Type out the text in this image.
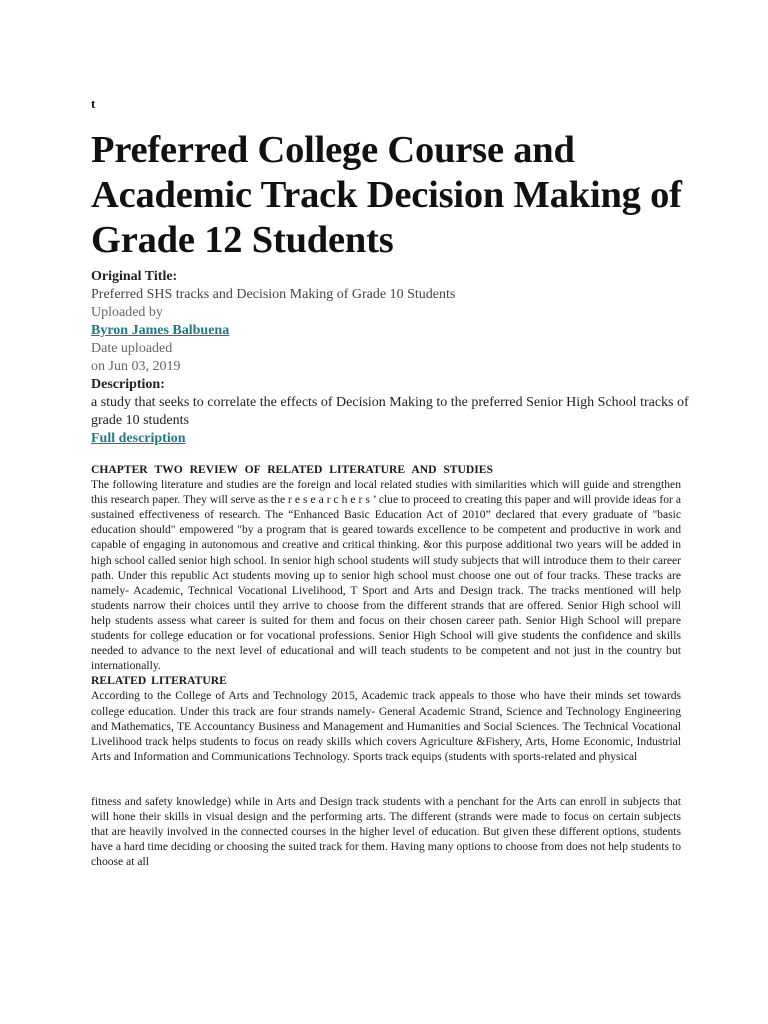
t
Preferred College Course and Academic Track Decision Making of Grade 12 Students
Original Title:
Preferred SHS tracks and Decision Making of Grade 10 Students
Uploaded by
Byron James Balbuena
Date uploaded
on Jun 03, 2019
Description:
a study that seeks to correlate the effects of Decision Making to the preferred Senior High School tracks of grade 10 students
Full description
CHAPTER TWO REVIEW OF RELATED LITERATURE AND STUDIES

The following literature and studies are the foreign and local related studies with similarities which will guide and strengthen this research paper. They will serve as the r e s e a r c h e r s ’ clue to proceed to creating this paper and will provide ideas for a sustained effectiveness of research. The “Enhanced Basic Education Act of 2010” declared that every graduate of "basic education should" empowered "by a program that is geared towards excellence to be competent and productive in work and capable of engaging in autonomous and creative and critical thinking. &or this purpose additional two years will be added in high school called senior high school. In senior high school students will study subjects that will introduce them to their career path. Under this republic Act students moving up to senior high school must choose one out of four tracks. These tracks are namely- Academic, Technical Vocational Livelihood, T Sport and Arts and Design track. The tracks mentioned will help students narrow their choices until they arrive to choose from the different strands that are offered. Senior High school will help students assess what career is suited for them and focus on their chosen career path. Senior High School will prepare students for college education or for vocational professions. Senior High School will give students the confidence and skills needed to advance to the next level of educational and will teach students to be competent and not just in the country but internationally.

RELATED LITERATURE

According to the College of Arts and Technology 2015, Academic track appeals to those who have their minds set towards college education. Under this track are four strands namely- General Academic Strand, Science and Technology Engineering and Mathematics, TE Accountancy Business and Management and Humanities and Social Sciences. The Technical Vocational Livelihood track helps students to focus on ready skills which covers Agriculture &Fishery, Arts, Home Economic, Industrial Arts and Information and Communications Technology. Sports track equips (students with sports-related and physical

fitness and safety knowledge) while in Arts and Design track students with a penchant for the Arts can enroll in subjects that will hone their skills in visual design and the performing arts. The different (strands were made to focus on certain subjects that are heavily involved in the connected courses in the higher level of education. But given these different options, students have a hard time deciding or choosing the suited track for them. Having many options to choose from does not help students to choose at all
